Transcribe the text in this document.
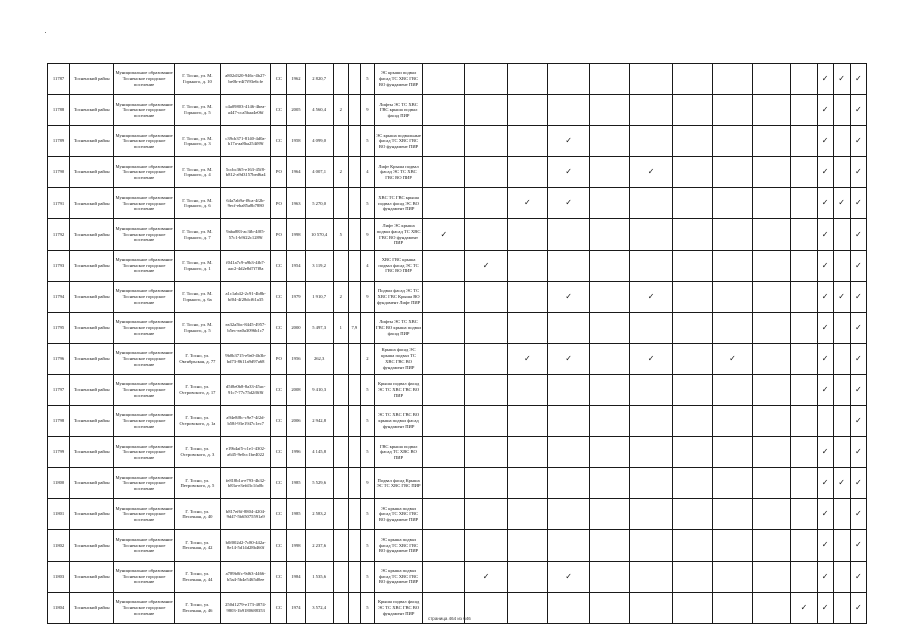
11787	Тосненский район	Муниципальное образование Тосненское городское поселение	Г. Тосно, ул. М. Горького, д. 10	a802d320-946c-4b27-be0b-e4f7f93e6cfe	СС	1962	2 820,7			5	ЭС крыши подвал фасад ТС ХВС ГВС ВО фундамент ПИР											✓	✓	✓
11788	Тосненский район	Муниципальное образование Тосненское городское поселение	Г. Тосно, ул. М. Горького, д. 5	c4a09803-4146-4bea-a447-cca5baa4e06f	СС	2005	4 560,4	2		9	Лифты ЭС ТС ХВС ГВС крыша подвал фасад ПИР											✓		✓
11789	Тосненский район	Муниципальное образование Тосненское городское поселение	Г. Тосно, ул. М. Горького, д. 3	c39cb371-8140-4d0a-b17a-aa8ba254f89f	СС	1958	4 099,0			5	ЭС крыша подвальные фасад ТС ХВС ГВС ВО фундамент ПИР				✓							✓		✓
11790	Тосненский район	Муниципальное образование Тосненское городское поселение	Г. Тосно, ул. М. Горького, д. 4	5ccbc365-e163-45f8-b812-a9d3157bed6a4	РО	1964	4 007,1	2		4	Лифт Крыша подвал фасад ЭС ТС ХВС ГВС ВО ПИР				✓		✓					✓		✓
11791	Тосненский район	Муниципальное образование Тосненское городское поселение	Г. Тосно, ул. М. Горького, д. 6	64a7ab9a-f8ca-4f2b-9ecf-eba85a8b7880	РО	1963	5 270,0			5	ХВС ТС ГВС крыша подвал фасад ЭС ВО фундамент ПИР			✓	✓							✓	✓	✓
11792	Тосненский район	Муниципальное образование Тосненское городское поселение	Г. Тосно, ул. М. Горького, д. 7	9aba883-ac3fb-4f05-57c1-b9f22c1289f	РО	1998	10 570,4	5		9	Лифт ЭС крыша подвал фасад ТС ХВС ГВС ВО фундамент ПИР	✓										✓		✓
11793	Тосненский район	Муниципальное образование Тосненское городское поселение	Г. Тосно, ул. М. Горького, д. 1	f041a7c9-a9b3-4fb7-aac2-4d2e8d7f7f8a	СС	1954	3 119,2			4	ХВС ГВС крыша подвал фасад ЭС ТС ГВС ВО ПИР		✓									✓		✓
11794	Тосненский район	Муниципальное образование Тосненское городское поселение	Г. Тосно, ул. М. Горького, д. 6а	a1c1ab42-2c91-4b8b-bf04-4f28dcf61a35	СС	1979	1 910,7	2		9	Подвал фасад ЭС ТС ХВС ГВС Крыша ВО фундамент Лифт ПИР				✓		✓					✓	✓	✓
11795	Тосненский район	Муниципальное образование Тосненское городское поселение	Г. Тосно, ул. М. Горького, д. 5	ea32a5bc-8445-4957-b5ec-ea0a3096b1c7	СС	2000	5 497,3	1	7,9		Лифты ЭС ТС ХВС ГВС ВО крыша подвал фасад ПИР											✓		✓
11796	Тосненский район	Муниципальное образование Тосненское городское поселение	Г. Тосно, ул. Октябрьская, д. 77	9b0b3715-e9a0-4b3b-bd73-8611a9d97a68	РО	1956	262,3			2	Крыша фасад ЭС крыша подвал ТС ХВС ГВС ВО фундамент ПИР			✓	✓		✓		✓			✓		✓
11797	Тосненский район	Муниципальное образование Тосненское городское поселение	Г. Тосно, ул. Островского, д. 17	d5f8e0b8-8a33-45ac-91c7-77c75d2f0f8f	СС	2008	9 410,3			5	Крыша подвал фасад ЭС ТС ХВС ГВС ВО ПИР											✓		✓
11798	Тосненский район	Муниципальное образование Тосненское городское поселение	Г. Тосно, ул. Островского, д. 1а	a94e8f8c-c9e7-4f2d-b58f-93e1947c1ec7	СС	2006	2 942,8			5	ЭС ТС ХВС ГВС ВО крыша подвал фасад фундамент ПИР													✓
11799	Тосненский район	Муниципальное образование Тосненское городское поселение	Г. Тосно, ул. Островского, д. 3	e19b4af5-c1e1-4302-a645-9e0cc1be4022	СС	1996	4 145,8			5	ГВС крыша подвал фасад ТС ХВС ВО ПИР											✓		✓
11800	Тосненский район	Муниципальное образование Тосненское городское поселение	Г. Тосно, ул. Петровского, д. 5	fe818b1a-e793-4b32-b83a-e3efd3c1fa0b	СС	1985	5 529,6			9	Подвал фасад Крыша ЭС ТС ХВС ГВС ПИР											✓	✓	✓
11801	Тосненский район	Муниципальное образование Тосненское городское поселение	Г. Тосно, ул. Песочная, д. 40	b817ef6f-8804-4204-9d47-5b65075591a9	СС	1985	2 583,2			5	ЭС крыша подвал фасад ТС ХВС ГВС ВО фундамент ПИР											✓		✓
11802	Тосненский район	Муниципальное образование Тосненское городское поселение	Г. Тосно, ул. Песочная, д. 42	b0f002d2-7c80-442a-8e14-5d14d28b460f	СС	1998	2 237,6			5	ЭС крыша подвал фасад ТС ХВС ГВС ВО фундамент ПИР											✓		✓
11803	Тосненский район	Муниципальное образование Тосненское городское поселение	Г. Тосно, ул. Песочная, д. 44	a789b0fc-9d63-4466-b5a4-5b4e5465d0ee	СС	1984	1 535,6			5	ЭС крыша подвал фасад ТС ХВС ГВС ВО фундамент ПИР		✓		✓							✓		✓
11804	Тосненский район	Муниципальное образование Тосненское городское поселение	Г. Тосно, ул. Песочная, д. 46	250d1279-e173-4874-9803-1b9180688353	СС	1974	3 572,4			5	Крыша подвал фасад ЭС ТС ХВС ГВС ВО фундамент ПИР										✓	✓		✓
страница 464 из 646
